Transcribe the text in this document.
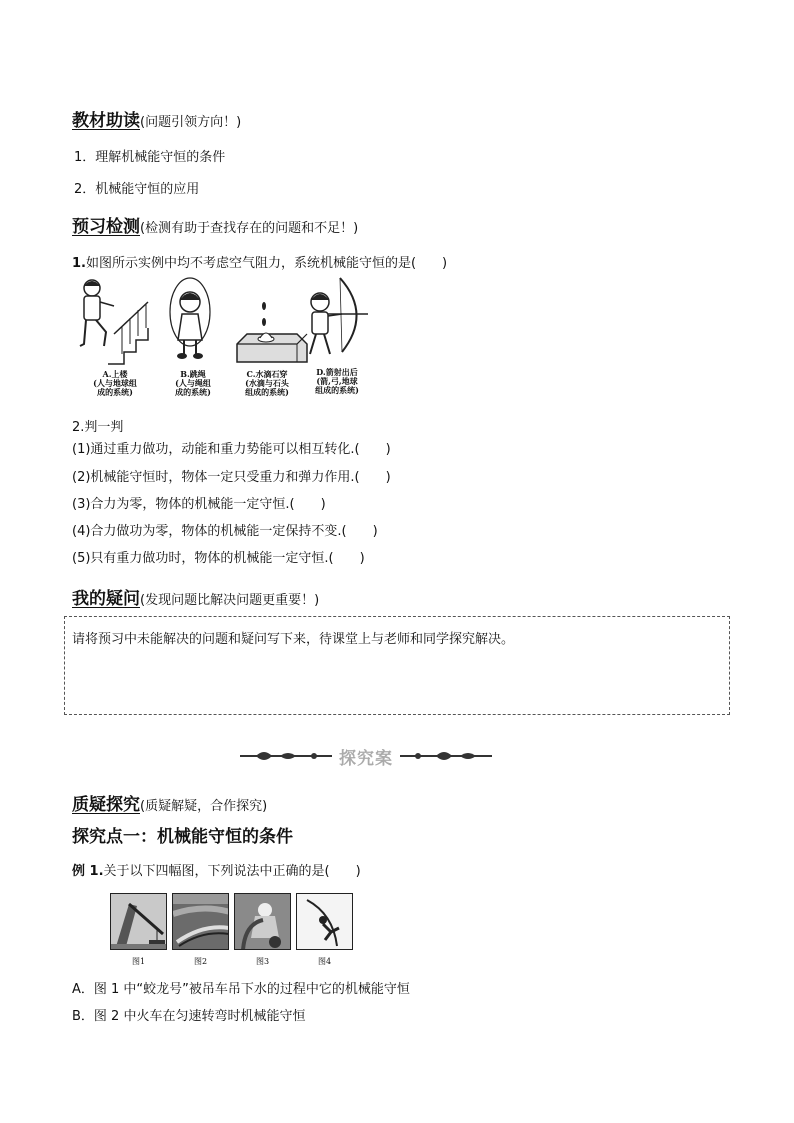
教材助读(问题引领方向！)
1．理解机械能守恒的条件
2．机械能守恒的应用
预习检测(检测有助于查找存在的问题和不足！)
1.如图所示实例中均不考虑空气阻力，系统机械能守恒的是(　　)
A.上楼
(人与地球组
成的系统)
B.跳绳
(人与绳组
成的系统)
C.水滴石穿
(水滴与石头
组成的系统)
D.箭射出后
(箭,弓,地球
组成的系统)
2.判一判
(1)通过重力做功，动能和重力势能可以相互转化.(　　)
(2)机械能守恒时，物体一定只受重力和弹力作用.(　　)
(3)合力为零，物体的机械能一定守恒.(　　)
(4)合力做功为零，物体的机械能一定保持不变.(　　)
(5)只有重力做功时，物体的机械能一定守恒.(　　)
我的疑问(发现问题比解决问题更重要！)
请将预习中未能解决的问题和疑问写下来，待课堂上与老师和同学探究解决。
探究案
质疑探究(质疑解疑，合作探究)
探究点一：机械能守恒的条件
例 1.关于以下四幅图，下列说法中正确的是(　　)
图1	图2	图3	图4
A．图 1 中“蛟龙号”被吊车吊下水的过程中它的机械能守恒
B．图 2 中火车在匀速转弯时机械能守恒
